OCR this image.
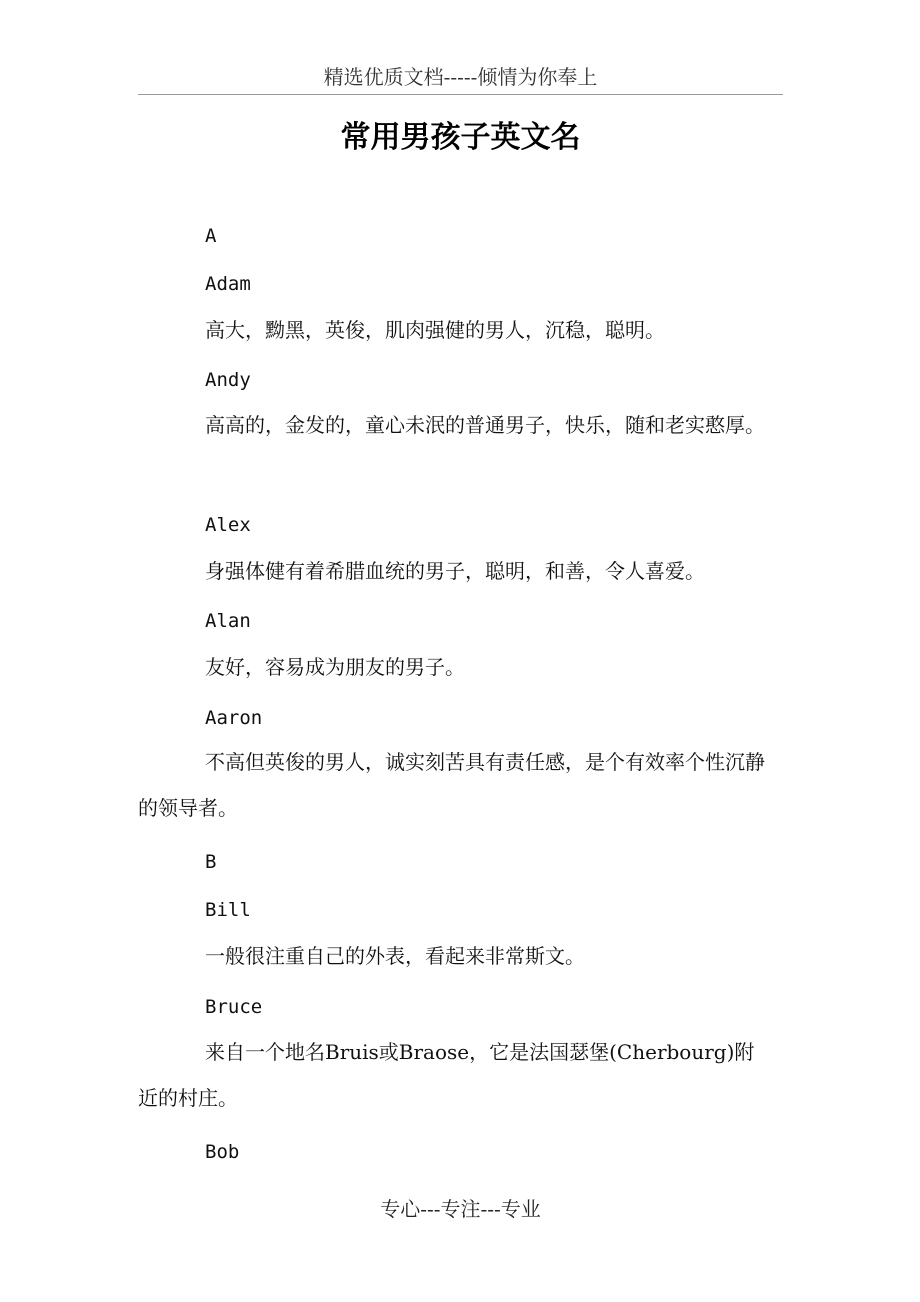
精选优质文档-----倾情为你奉上
常用男孩子英文名
A
Adam
高大，黝黑，英俊，肌肉强健的男人，沉稳，聪明。
Andy
高高的，金发的，童心未泯的普通男子，快乐，随和老实憨厚。
Alex
身强体健有着希腊血统的男子，聪明，和善，令人喜爱。
Alan
友好，容易成为朋友的男子。
Aaron
不高但英俊的男人，诚实刻苦具有责任感，是个有效率个性沉静的领导者。
B
Bill
一般很注重自己的外表，看起来非常斯文。
Bruce
来自一个地名Bruis或Braose，它是法国瑟堡(Cherbourg)附近的村庄。
Bob
专心---专注---专业
